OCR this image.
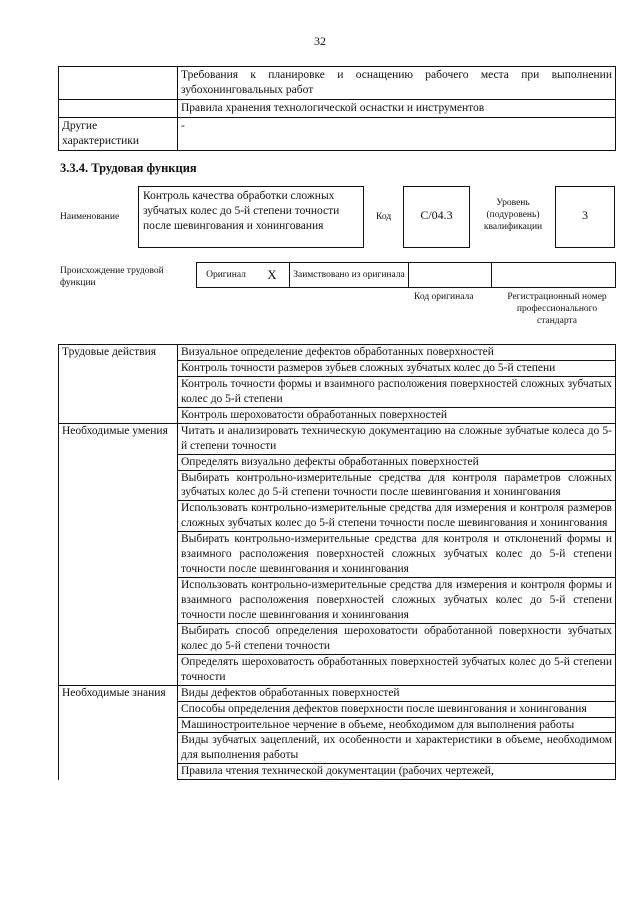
32
	Требования к планировке и оснащению рабочего места при выполнении зубохонинговальных работ
	Правила хранения технологической оснастки и инструментов
Другие характеристики	-
3.3.4. Трудовая функция
Наименование
Контроль качества обработки сложных зубчатых колес до 5-й степени точности после шевингования и хонингования
Код	С/04.3
Уровень (подуровень) квалификации
3
Происхождение трудовой функции
Оригинал	X	Заимствовано из оригинала		
Код оригинала	Регистрационный номер профессионального стандарта
Трудовые действия	Визуальное определение дефектов обработанных поверхностей
	Контроль точности размеров зубьев сложных зубчатых колес до 5-й степени
	Контроль точности формы и взаимного расположения поверхностей сложных зубчатых колес до 5-й степени
	Контроль шероховатости обработанных поверхностей
Необходимые умения	Читать и анализировать техническую документацию на сложные зубчатые колеса до 5-й степени точности
	Определять визуально дефекты обработанных поверхностей
	Выбирать контрольно-измерительные средства для контроля параметров сложных зубчатых колес до 5-й степени точности после шевингования и хонингования
	Использовать контрольно-измерительные средства для измерения и контроля размеров сложных зубчатых колес до 5-й степени точности после шевингования и хонингования
	Выбирать контрольно-измерительные средства для контроля и отклонений формы и взаимного расположения поверхностей сложных зубчатых колес до 5-й степени точности после шевингования и хонингования
	Использовать контрольно-измерительные средства для измерения и контроля формы и взаимного расположения поверхностей сложных зубчатых колес до 5-й степени точности после шевингования и хонингования
	Выбирать способ определения шероховатости обработанной поверхности зубчатых колес до 5-й степени точности
	Определять шероховатость обработанных поверхностей зубчатых колес до 5-й степени точности
Необходимые знания	Виды дефектов обработанных поверхностей
	Способы определения дефектов поверхности после шевингования и хонингования
	Машиностроительное черчение в объеме, необходимом для выполнения работы
	Виды зубчатых зацеплений, их особенности и характеристики в объеме, необходимом для выполнения работы
	Правила чтения технической документации (рабочих чертежей,
